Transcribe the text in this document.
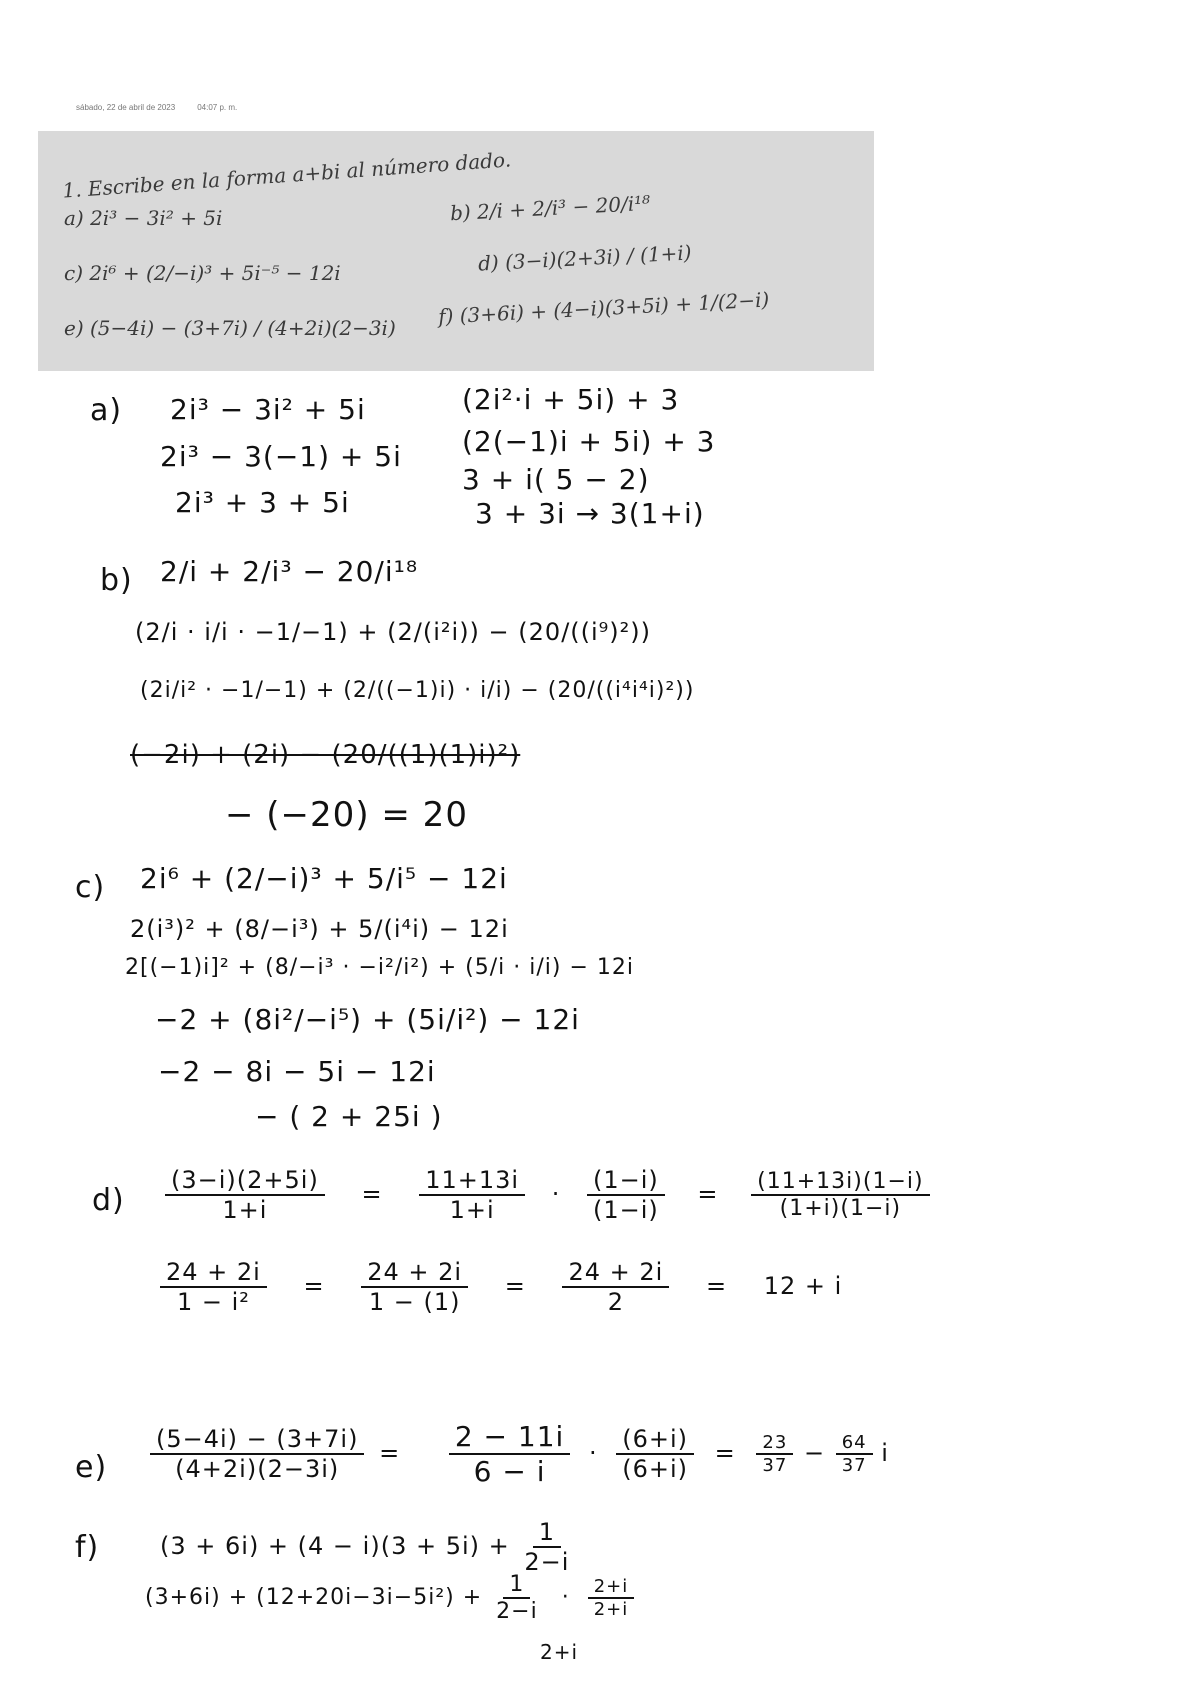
sábado, 22 de abril de 2023	04:07 p. m.
1. Escribe en la forma a+bi al número dado.
a) 2i³ − 3i² + 5i	b) 2/i + 2/i³ − 20/i¹⁸
c) 2i⁶ + (2/−i)³ + 5i⁻⁵ − 12i	d) (3−i)(2+3i) / (1+i)
e) (5−4i) − (3+7i) / (4+2i)(2−3i) f) (3+6i) + (4−i)(3+5i) + 1/(2−i)
a) 2i³ − 3i² + 5i
2i³ − 3(−1) + 5i
2i³ + 3 + 5i
(2i²·i + 5i) + 3
(2(−1)i + 5i) + 3
3 + i( 5 − 2)
3 + 3i → 3(1+i)
b) 2/i + 2/i³ − 20/i¹⁸
(2/i · i/i · −1/−1) + (2/(i²i)) − (20/((i⁹)²))
(2i/i² · −1/−1) + (2/((−1)i) · i/i) − (20/((i⁴i⁴i)²))
(−2i) + (2i) − (20/((1)(1)i)²)
− (−20) = 20
c) 2i⁶ + (2/−i)³ + 5/i⁵ − 12i
2(i³)² + (8/−i³) + 5/(i⁴i) − 12i
2[(−1)i]² + (8/−i³ · −i²/i²) + (5/i · i/i) − 12i
−2 + (8i²/−i⁵) + (5i/i²) − 12i
−2 − 8i − 5i − 12i
− ( 2 + 25i )
$d) \frac{(3-i)(2+5i)}{1+i} = \frac{11+13i}{1+i} \cdot \frac{(1-i)}{(1-i)} = \frac{(11+13i)(1-i)}{(1+i)(1-i)}$
$\frac{24 + 2i}{\text{1 − i²}} = \frac{24 + 2i}{1 - (1)} = \frac{24 + 2i}{2} = 12 + i$
$e) \frac{(5-4i) - (3+7i)}{(4+2i)(2-3i)} = \frac{2 - 11i}{6 - i} \cdot \frac{(6+i)}{(6+i)} = \frac{23}{37} - \frac{64}{37}$ i
f)	$(3 + 6i) + (4 - i)(3 + 5i) + \frac{1}{2-i}$
$(3+6i) + (12+20i-3i-5i^2) + \frac{1}{2-i} \cdot \frac{2+i}{2+i}$
2+i
